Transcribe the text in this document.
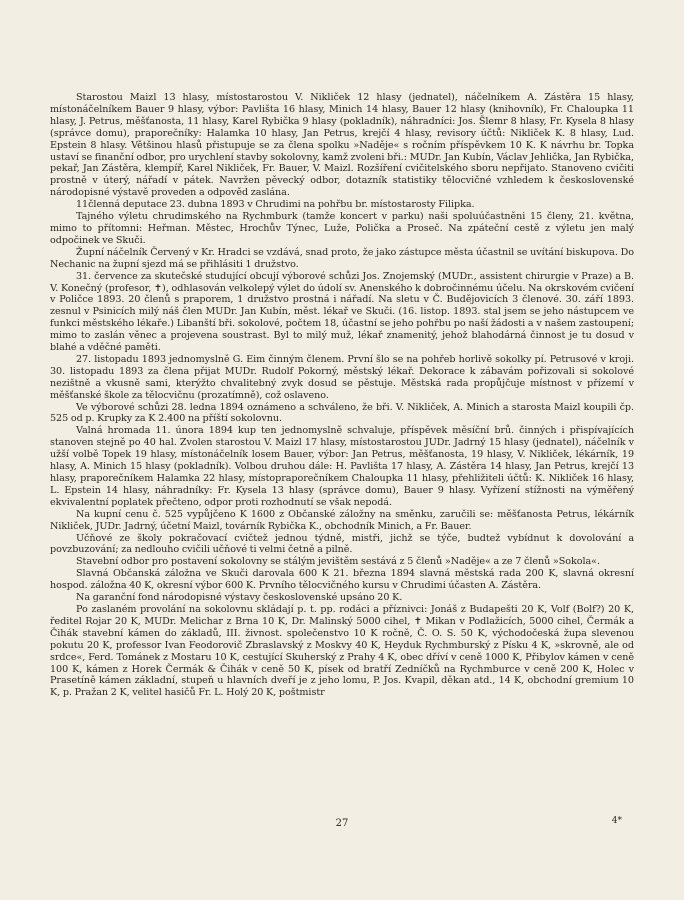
Starostou Maizl 13 hlasy, místostarostou V. Nikliček 12 hlasy (jednatel), náčelníkem A. Zástěra 15 hlasy, místonáčelníkem Bauer 9 hlasy, výbor: Pavlišta 16 hlasy, Minich 14 hlasy, Bauer 12 hlasy (knihovník), Fr. Chaloupka 11 hlasy, J. Petrus, měšťanosta, 11 hlasy, Karel Rybička 9 hlasy (pokladník), náhradníci: Jos. Šlemr 8 hlasy, Fr. Kysela 8 hlasy (správce domu), praporečníky: Halamka 10 hlasy, Jan Petrus, krejčí 4 hlasy, revisory účtů: Nikliček K. 8 hlasy, Lud. Epstein 8 hlasy. Většinou hlasů přistupuje se za člena spolku »Naděje« s ročním příspěvkem 10 K. K návrhu br. Topka ustaví se finanční odbor, pro urychlení stavby sokolovny, kamž zvoleni bři.: MUDr. Jan Kubín, Václav Jehlička, Jan Rybička, pekař, Jan Zástěra, klempíř, Karel Nikliček, Fr. Bauer, V. Maizl. Rozšíření cvičitelského sboru nepřijato. Stanoveno cvičiti prostně v úterý, nářadí v pátek. Navržen pěvecký odbor, dotazník statistiky tělocvičné vzhledem k československé národopisné výstavě proveden a odpověd zaslána.

11členná deputace 23. dubna 1893 v Chrudimi na pohřbu br. místostarosty Filipka.

Tajného výletu chrudimského na Rychmburk (tamže koncert v parku) naši spoluúčastněni 15 členy, 21. května, mimo to přítomni: Heřman. Městec, Hrochův Týnec, Luže, Polička a Proseč. Na zpáteční cestě z výletu jen malý odpočinek ve Skuči.

Župní náčelník Červený v Kr. Hradci se vzdává, snad proto, že jako zástupce města účastnil se uvítání biskupova. Do Nechanic na župní sjezd má se přihlásiti 1 družstvo.

31. července za skutečské studující obcují výborové schůzi Jos. Znojemský (MUDr., assistent chirurgie v Praze) a B. V. Konečný (profesor, ✝), odhlasován velkolepý výlet do údolí sv. Anenského k dobročinnému účelu. Na okrskovém cvičení v Poličce 1893. 20 členů s praporem, 1 družstvo prostná i nářadí. Na sletu v Č. Budějovicích 3 členové. 30. září 1893. zesnul v Psinicích milý náš člen MUDr. Jan Kubín, měst. lékař ve Skuči. (16. listop. 1893. stal jsem se jeho nástupcem ve funkci městského lékaře.) Libanští bři. sokolové, počtem 18, účastní se jeho pohřbu po naší žádosti a v našem zastoupení; mimo to zaslán věnec a projevena soustrast. Byl to milý muž, lékař znamenitý, jehož blahodárná činnost je tu dosud v blahé a vděčné paměti.

27. listopadu 1893 jednomyslně G. Eim činným členem. První šlo se na pohřeb horlivě sokolky pí. Petrusové v kroji. 30. listopadu 1893 za člena přijat MUDr. Rudolf Pokorný, městský lékař. Dekorace k zábavám pořizovali si sokolové nezištně a vkusně sami, kterýžto chvalitebný zvyk dosud se pěstuje. Městská rada propůjčuje místnost v přízemí v měšťanské škole za tělocvičnu (prozatímně), což oslaveno.

Ve výborové schůzi 28. ledna 1894 oznámeno a schváleno, že bři. V. Nikliček, A. Minich a starosta Maizl koupili čp. 525 od p. Krupky za K 2.400 na příští sokolovnu.

Valná hromada 11. února 1894 kup ten jednomyslně schvaluje, příspěvek měsíční brů. činných i přispívajících stanoven stejně po 40 hal. Zvolen starostou V. Maizl 17 hlasy, místostarostou JUDr. Jadrný 15 hlasy (jednatel), náčelník v užší volbě Topek 19 hlasy, místonáčelník losem Bauer, výbor: Jan Petrus, měšťanosta, 19 hlasy, V. Nikliček, lékárník, 19 hlasy, A. Minich 15 hlasy (pokladník). Volbou druhou dále: H. Pavlišta 17 hlasy, A. Zástěra 14 hlasy, Jan Petrus, krejčí 13 hlasy, praporečníkem Halamka 22 hlasy, místopraporečníkem Chaloupka 11 hlasy, přehližiteli účtů: K. Nikliček 16 hlasy, L. Epstein 14 hlasy, náhradníky: Fr. Kysela 13 hlasy (správce domu), Bauer 9 hlasy. Vyřízení stížnosti na výměřený ekvivalentní poplatek přečteno, odpor proti rozhodnutí se však nepodá.

Na kupní cenu č. 525 vypůjčeno K 1600 z Občanské záložny na směnku, zaručili se: měšťanosta Petrus, lékárník Nikliček, JUDr. Jadrný, účetní Maizl, továrník Rybička K., obchodník Minich, a Fr. Bauer.

Učňové ze školy pokračovací cvičtež jednou týdně, mistři, jichž se týče, budtež vybídnut k dovolování a povzbuzování; za nedlouho cvičili učňové ti velmi četně a pilně.

Stavební odbor pro postavení sokolovny se stálým jevištěm sestává z 5 členů »Naděje« a ze 7 členů »Sokola«.

Slavná Občanská záložna ve Skuči darovala 600 K 21. března 1894 slavná městská rada 200 K, slavná okresní hospod. záložna 40 K, okresní výbor 600 K. Prvního tělocvičného kursu v Chrudimi účasten A. Zástěra.

Na garanční fond národopisné výstavy československé upsáno 20 K.

Po zaslaném provolání na sokolovnu skládají p. t. pp. rodáci a příznivci: Jonáš z Budapešti 20 K, Volf (Bolf?) 20 K, ředitel Rojar 20 K, MUDr. Melichar z Brna 10 K, Dr. Malinský 5000 cihel, ✝ Mikan v Podlažicích, 5000 cihel, Čermák a Čihák stavební kámen do základů, III. živnost. společenstvo 10 K ročně, Č. O. S. 50 K, východočeská župa slevenou pokutu 20 K, professor Ivan Feodorovič Zbraslavský z Moskvy 40 K, Heyduk Rychmburský z Písku 4 K, »skrovně, ale od srdce«, Ferd. Tománek z Mostaru 10 K, cestující Skuherský z Prahy 4 K, obec dříví v ceně 1000 K, Přibylov kámen v ceně 100 K, kámen z Horek Čermák & Čihák v ceně 50 K, písek od bratří Zedníčků na Rychmburce v ceně 200 K, Holec v Prasetíně kámen základní, stupeň u hlavních dveří je z jeho lomu, P. Jos. Kvapil, děkan atd., 14 K, obchodní gremium 10 K, p. Pražan 2 K, velitel hasičů Fr. L. Holý 20 K, poštmistr

27	4*
